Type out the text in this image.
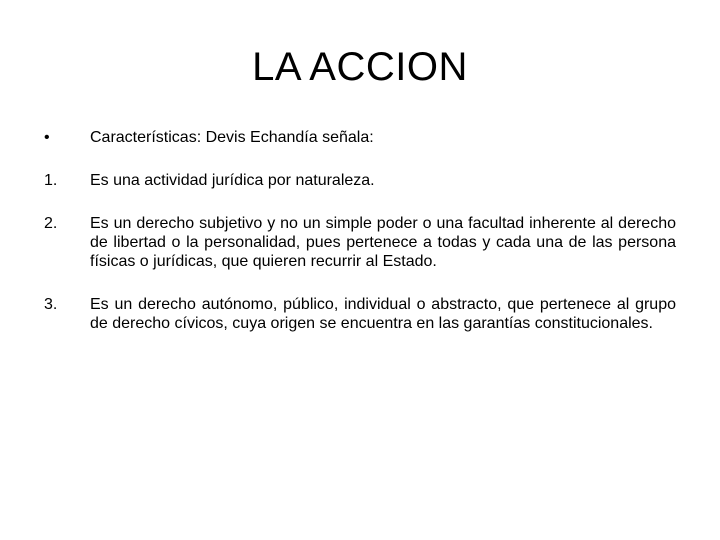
LA ACCION
•	Características: Devis Echandía señala:
1.	Es una actividad jurídica por naturaleza.
2.	Es un derecho subjetivo y no un simple poder o una facultad inherente al derecho de libertad o la personalidad, pues pertenece a todas y cada una de las persona físicas o jurídicas, que quieren recurrir al Estado.
3.	Es un derecho autónomo, público, individual o abstracto, que pertenece al grupo de derecho cívicos, cuya origen se encuentra en las garantías constitucionales.
